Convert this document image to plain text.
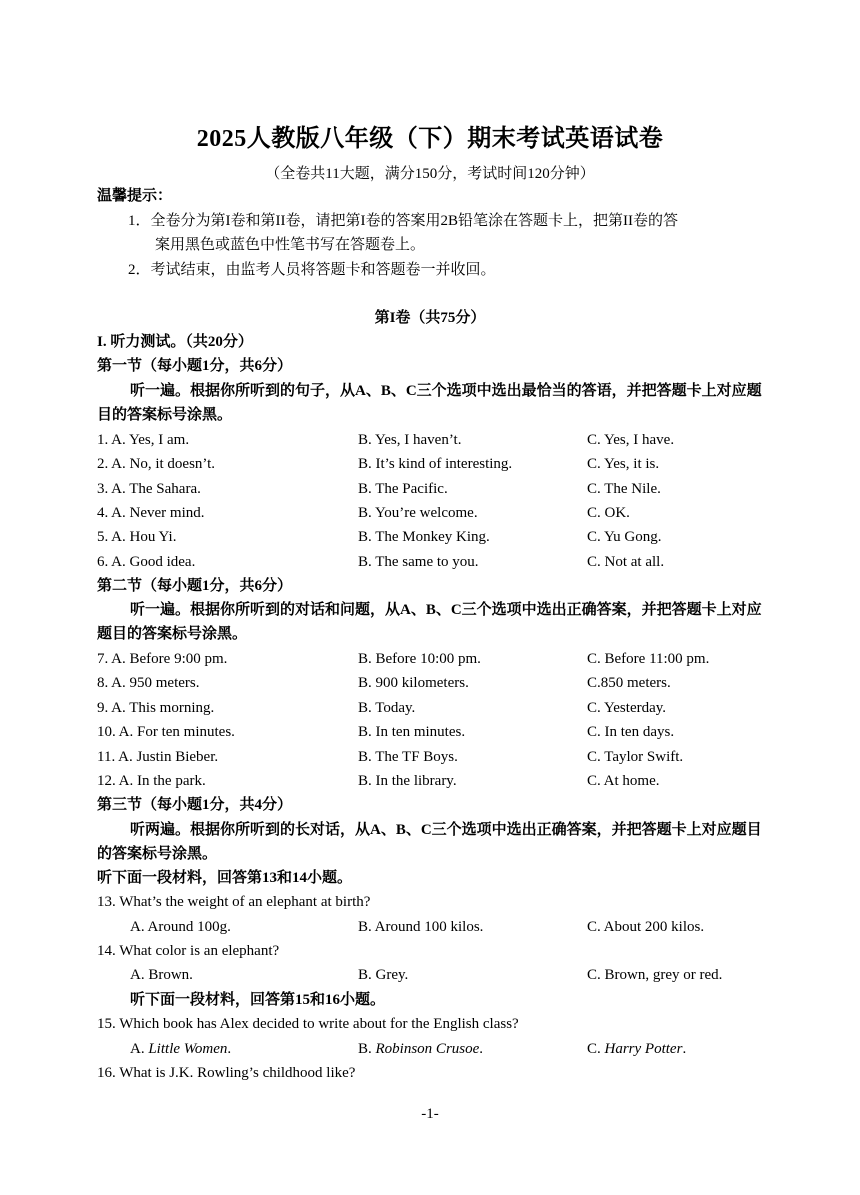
2025人教版八年级（下）期末考试英语试卷
（全卷共11大题，满分150分，考试时间120分钟）
温馨提示：
1．全卷分为第I卷和第II卷，请把第I卷的答案用2B铅笔涂在答题卡上，把第II卷的答
案用黑色或蓝色中性笔书写在答题卷上。
2．考试结束，由监考人员将答题卡和答题卷一并收回。
第I卷（共75分）
I. 听力测试。（共20分）
第一节（每小题1分，共6分）
听一遍。根据你所听到的句子，从A、B、C三个选项中选出最恰当的答语，并把答题卡上对应题目的答案标号涂黑。
1. A. Yes, I am.	B. Yes, I haven’t.	C. Yes, I have.
2. A. No, it doesn’t.	B. It’s kind of interesting.	C. Yes, it is.
3. A. The Sahara.	B. The Pacific.	C. The Nile.
4. A. Never mind.	B. You’re welcome.	C. OK.
5. A. Hou Yi.	B. The Monkey King.	C. Yu Gong.
6. A. Good idea.	B. The same to you.	C. Not at all.
第二节（每小题1分，共6分）
听一遍。根据你所听到的对话和问题，从A、B、C三个选项中选出正确答案，并把答题卡上对应题目的答案标号涂黑。
7. A. Before 9:00 pm.	B. Before 10:00 pm.	C. Before 11:00 pm.
8. A. 950 meters.	B. 900 kilometers.	C.850 meters.
9. A. This morning.	B. Today.	C. Yesterday.
10. A. For ten minutes.	B. In ten minutes.	C. In ten days.
11. A. Justin Bieber.	B. The TF Boys.	C. Taylor Swift.
12. A. In the park.	B. In the library.	C. At home.
第三节（每小题1分，共4分）
听两遍。根据你所听到的长对话，从A、B、C三个选项中选出正确答案，并把答题卡上对应题目的答案标号涂黑。
听下面一段材料，回答第13和14小题。
13. What’s the weight of an elephant at birth?
A. Around 100g.	B. Around 100 kilos.	C. About 200 kilos.
14. What color is an elephant?
A. Brown.	B. Grey.	C. Brown, grey or red.
听下面一段材料，回答第15和16小题。
15. Which book has Alex decided to write about for the English class?
A. Little Women.	B. Robinson Crusoe.	C. Harry Potter.
16. What is J.K. Rowling’s childhood like?
-1-
